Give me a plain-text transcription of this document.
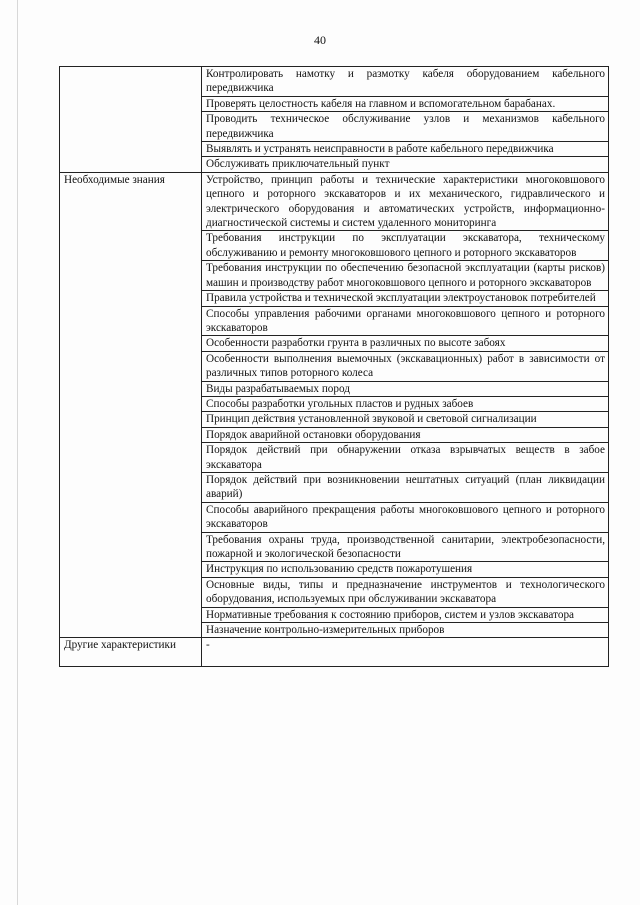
40
	Контролировать намотку и размотку кабеля оборудованием кабельного передвижчика
	Проверять целостность кабеля на главном и вспомогательном барабанах.
	Проводить техническое обслуживание узлов и механизмов кабельного передвижчика
	Выявлять и устранять неисправности в работе кабельного передвижчика
	Обслуживать приключательный пункт
Необходимые знания	Устройство, принцип работы и технические характеристики многоковшового цепного и роторного экскаваторов и их механического, гидравлического и электрического оборудования и автоматических устройств, информационно-диагностической системы и систем удаленного мониторинга
	Требования инструкции по эксплуатации экскаватора, техническому обслуживанию и ремонту многоковшового цепного и роторного экскаваторов
	Требования инструкции по обеспечению безопасной эксплуатации (карты рисков) машин и производству работ многоковшового цепного и роторного экскаваторов
	Правила устройства и технической эксплуатации электроустановок потребителей
	Способы управления рабочими органами многоковшового цепного и роторного экскаваторов
	Особенности разработки грунта в различных по высоте забоях
	Особенности выполнения выемочных (экскавационных) работ в зависимости от различных типов роторного колеса
	Виды разрабатываемых пород
	Способы разработки угольных пластов и рудных забоев
	Принцип действия установленной звуковой и световой сигнализации
	Порядок аварийной остановки оборудования
	Порядок действий при обнаружении отказа взрывчатых веществ в забое экскаватора
	Порядок действий при возникновении нештатных ситуаций (план ликвидации аварий)
	Способы аварийного прекращения работы многоковшового цепного и роторного экскаваторов
	Требования охраны труда, производственной санитарии, электробезопасности, пожарной и экологической безопасности
	Инструкция по использованию средств пожаротушения
	Основные виды, типы и предназначение инструментов и технологического оборудования, используемых при обслуживании экскаватора
	Нормативные требования к состоянию приборов, систем и узлов экскаватора
	Назначение контрольно-измерительных приборов
Другие характеристики	-
